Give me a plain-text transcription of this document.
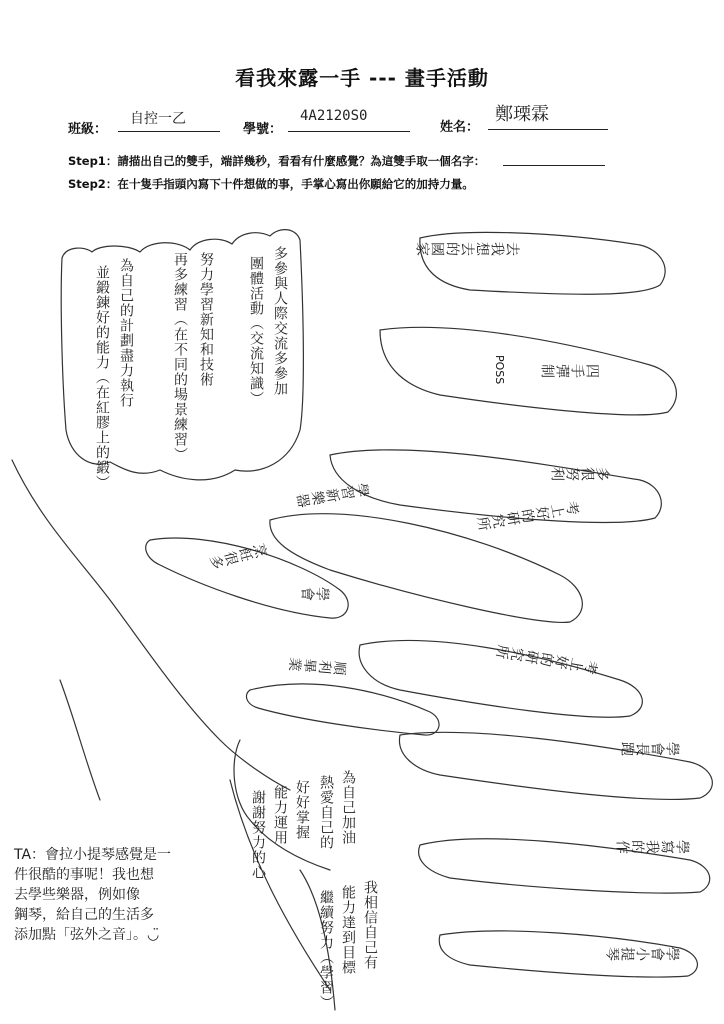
看我來露一手 --- 畫手活動
班級：
自控一乙
學號：
4A2120S0
姓名：
鄭瑮霖
Step1：請描出自己的雙手，端詳幾秒，看看有什麼感覺？為這雙手取一個名字：
Step2：在十隻手指頭內寫下十件想做的事，手掌心寫出你願給它的加持力量。
為自己的計劃盡力執行
並鍛鍊好的能力（在紅膠上的鍛）	努力學習新知和技術
再多練習（在不同的場景練習）	多參與人際交流多參加
團體活動（交流知識）
去我想去的國家
四手彈制
POSS
多很努利
考上好的研究所
學習新樂器
學會
烹飪很多
順利畢業	考上好的研究所
學會長跑
學寫我的作
學會小提琴
為自己加油
熱愛自己的
好好掌握
能力運用
謝謝努力的心
我相信自己有
能力達到目標
繼續努力（學習）
TA：會拉小提琴感覺是一
件很酷的事呢！我也想
去學些樂器，例如像
鋼琴，給自己的生活多
添加點「弦外之音」。◡̈
